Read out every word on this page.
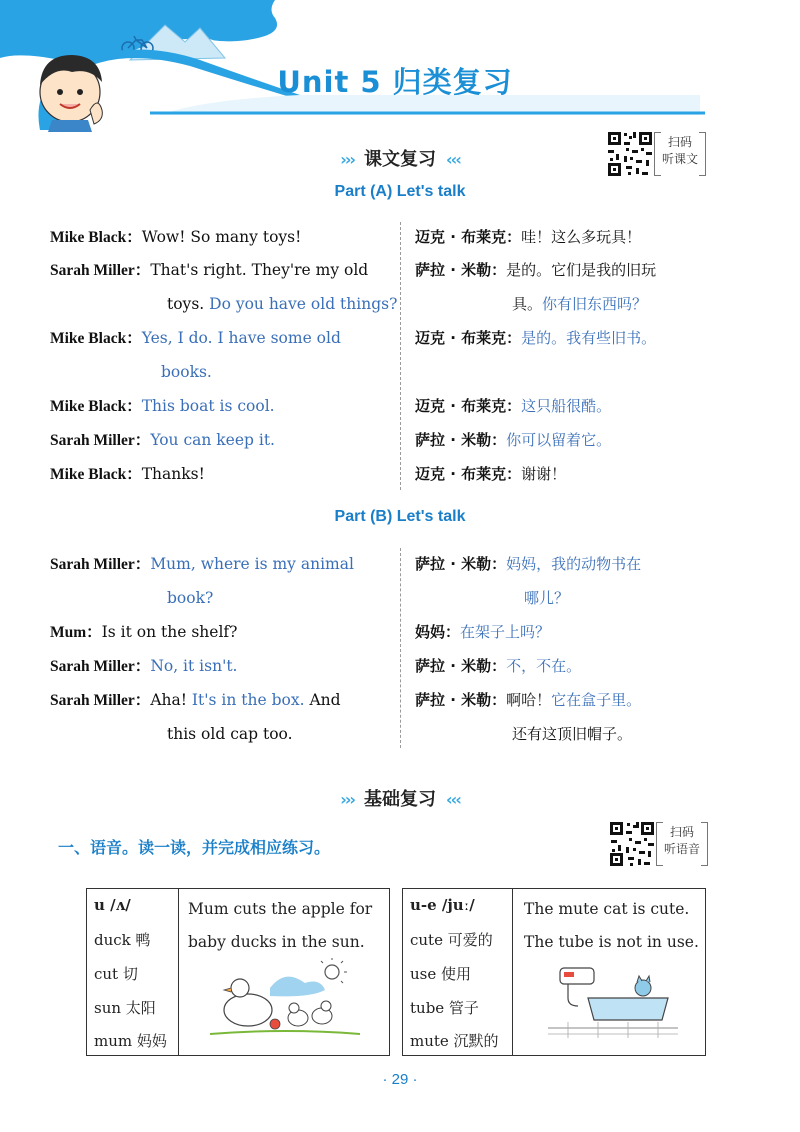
Unit 5 归类复习
››› 课文复习 ‹‹‹
扫码
听课文
Part (A) Let's talk
Mike Black：Wow! So many toys!
Sarah Miller：That's right. They're my old
toys. Do you have old things?
Mike Black：Yes, I do. I have some old
books.
Mike Black：This boat is cool.
Sarah Miller：You can keep it.
Mike Black：Thanks!
迈克 · 布莱克：哇！这么多玩具！
萨拉 · 米勒：是的。它们是我的旧玩
具。你有旧东西吗？
迈克 · 布莱克：是的。我有些旧书。
迈克 · 布莱克：这只船很酷。
萨拉 · 米勒：你可以留着它。
迈克 · 布莱克：谢谢！
Part (B) Let's talk
Sarah Miller：Mum, where is my animal
book?
Mum：Is it on the shelf?
Sarah Miller：No, it isn't.
Sarah Miller：Aha! It's in the box. And
this old cap too.
萨拉 · 米勒：妈妈，我的动物书在
哪儿？
妈妈：在架子上吗？
萨拉 · 米勒：不，不在。
萨拉 · 米勒：啊哈！它在盒子里。
还有这顶旧帽子。
››› 基础复习 ‹‹‹
一、语音。读一读，并完成相应练习。
扫码
听语音
u /ʌ/
duck 鸭
cut 切
sun 太阳
mum 妈妈
Mum cuts the apple for baby ducks in the sun.
u-e /juː/
cute 可爱的
use 使用
tube 管子
mute 沉默的
The mute cat is cute.
The tube is not in use.
· 29 ·
